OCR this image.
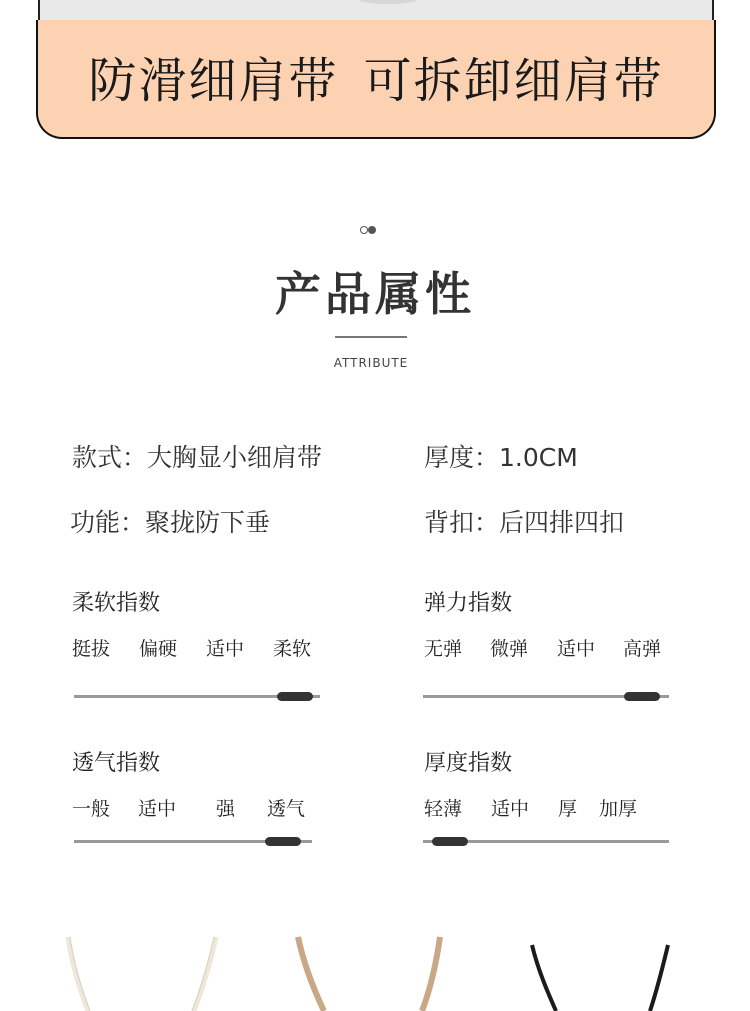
防滑细肩带 可拆卸细肩带
产品属性
ATTRIBUTE
款式：大胸显小细肩带	厚度：1.0CM
功能：聚拢防下垂	背扣：后四排四扣
柔软指数
挺拔 偏硬 适中 柔软
弹力指数
无弹 微弹 适中 高弹
透气指数
一般 适中 强 透气
厚度指数
轻薄 适中 厚 加厚
